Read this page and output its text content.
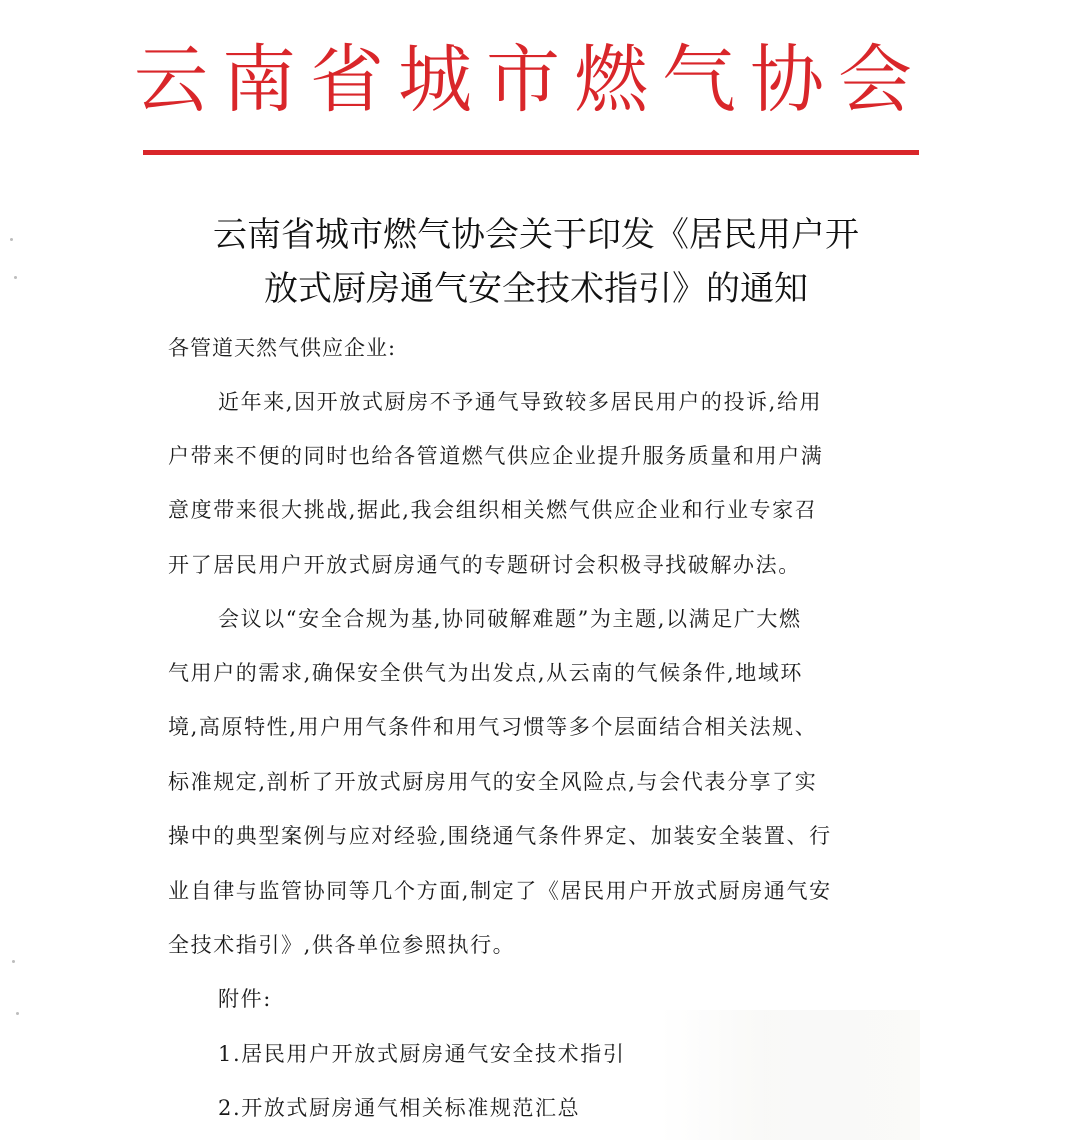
云南省城市燃气协会
云南省城市燃气协会关于印发《居民用户开
放式厨房通气安全技术指引》的通知
各管道天然气供应企业:
近年来,因开放式厨房不予通气导致较多居民用户的投诉,给用
户带来不便的同时也给各管道燃气供应企业提升服务质量和用户满
意度带来很大挑战,据此,我会组织相关燃气供应企业和行业专家召
开了居民用户开放式厨房通气的专题研讨会积极寻找破解办法。
会议以“安全合规为基,协同破解难题”为主题,以满足广大燃
气用户的需求,确保安全供气为出发点,从云南的气候条件,地域环
境,高原特性,用户用气条件和用气习惯等多个层面结合相关法规、
标准规定,剖析了开放式厨房用气的安全风险点,与会代表分享了实
操中的典型案例与应对经验,围绕通气条件界定、加装安全装置、行
业自律与监管协同等几个方面,制定了《居民用户开放式厨房通气安
全技术指引》,供各单位参照执行。
附件:
1.居民用户开放式厨房通气安全技术指引
2.开放式厨房通气相关标准规范汇总
